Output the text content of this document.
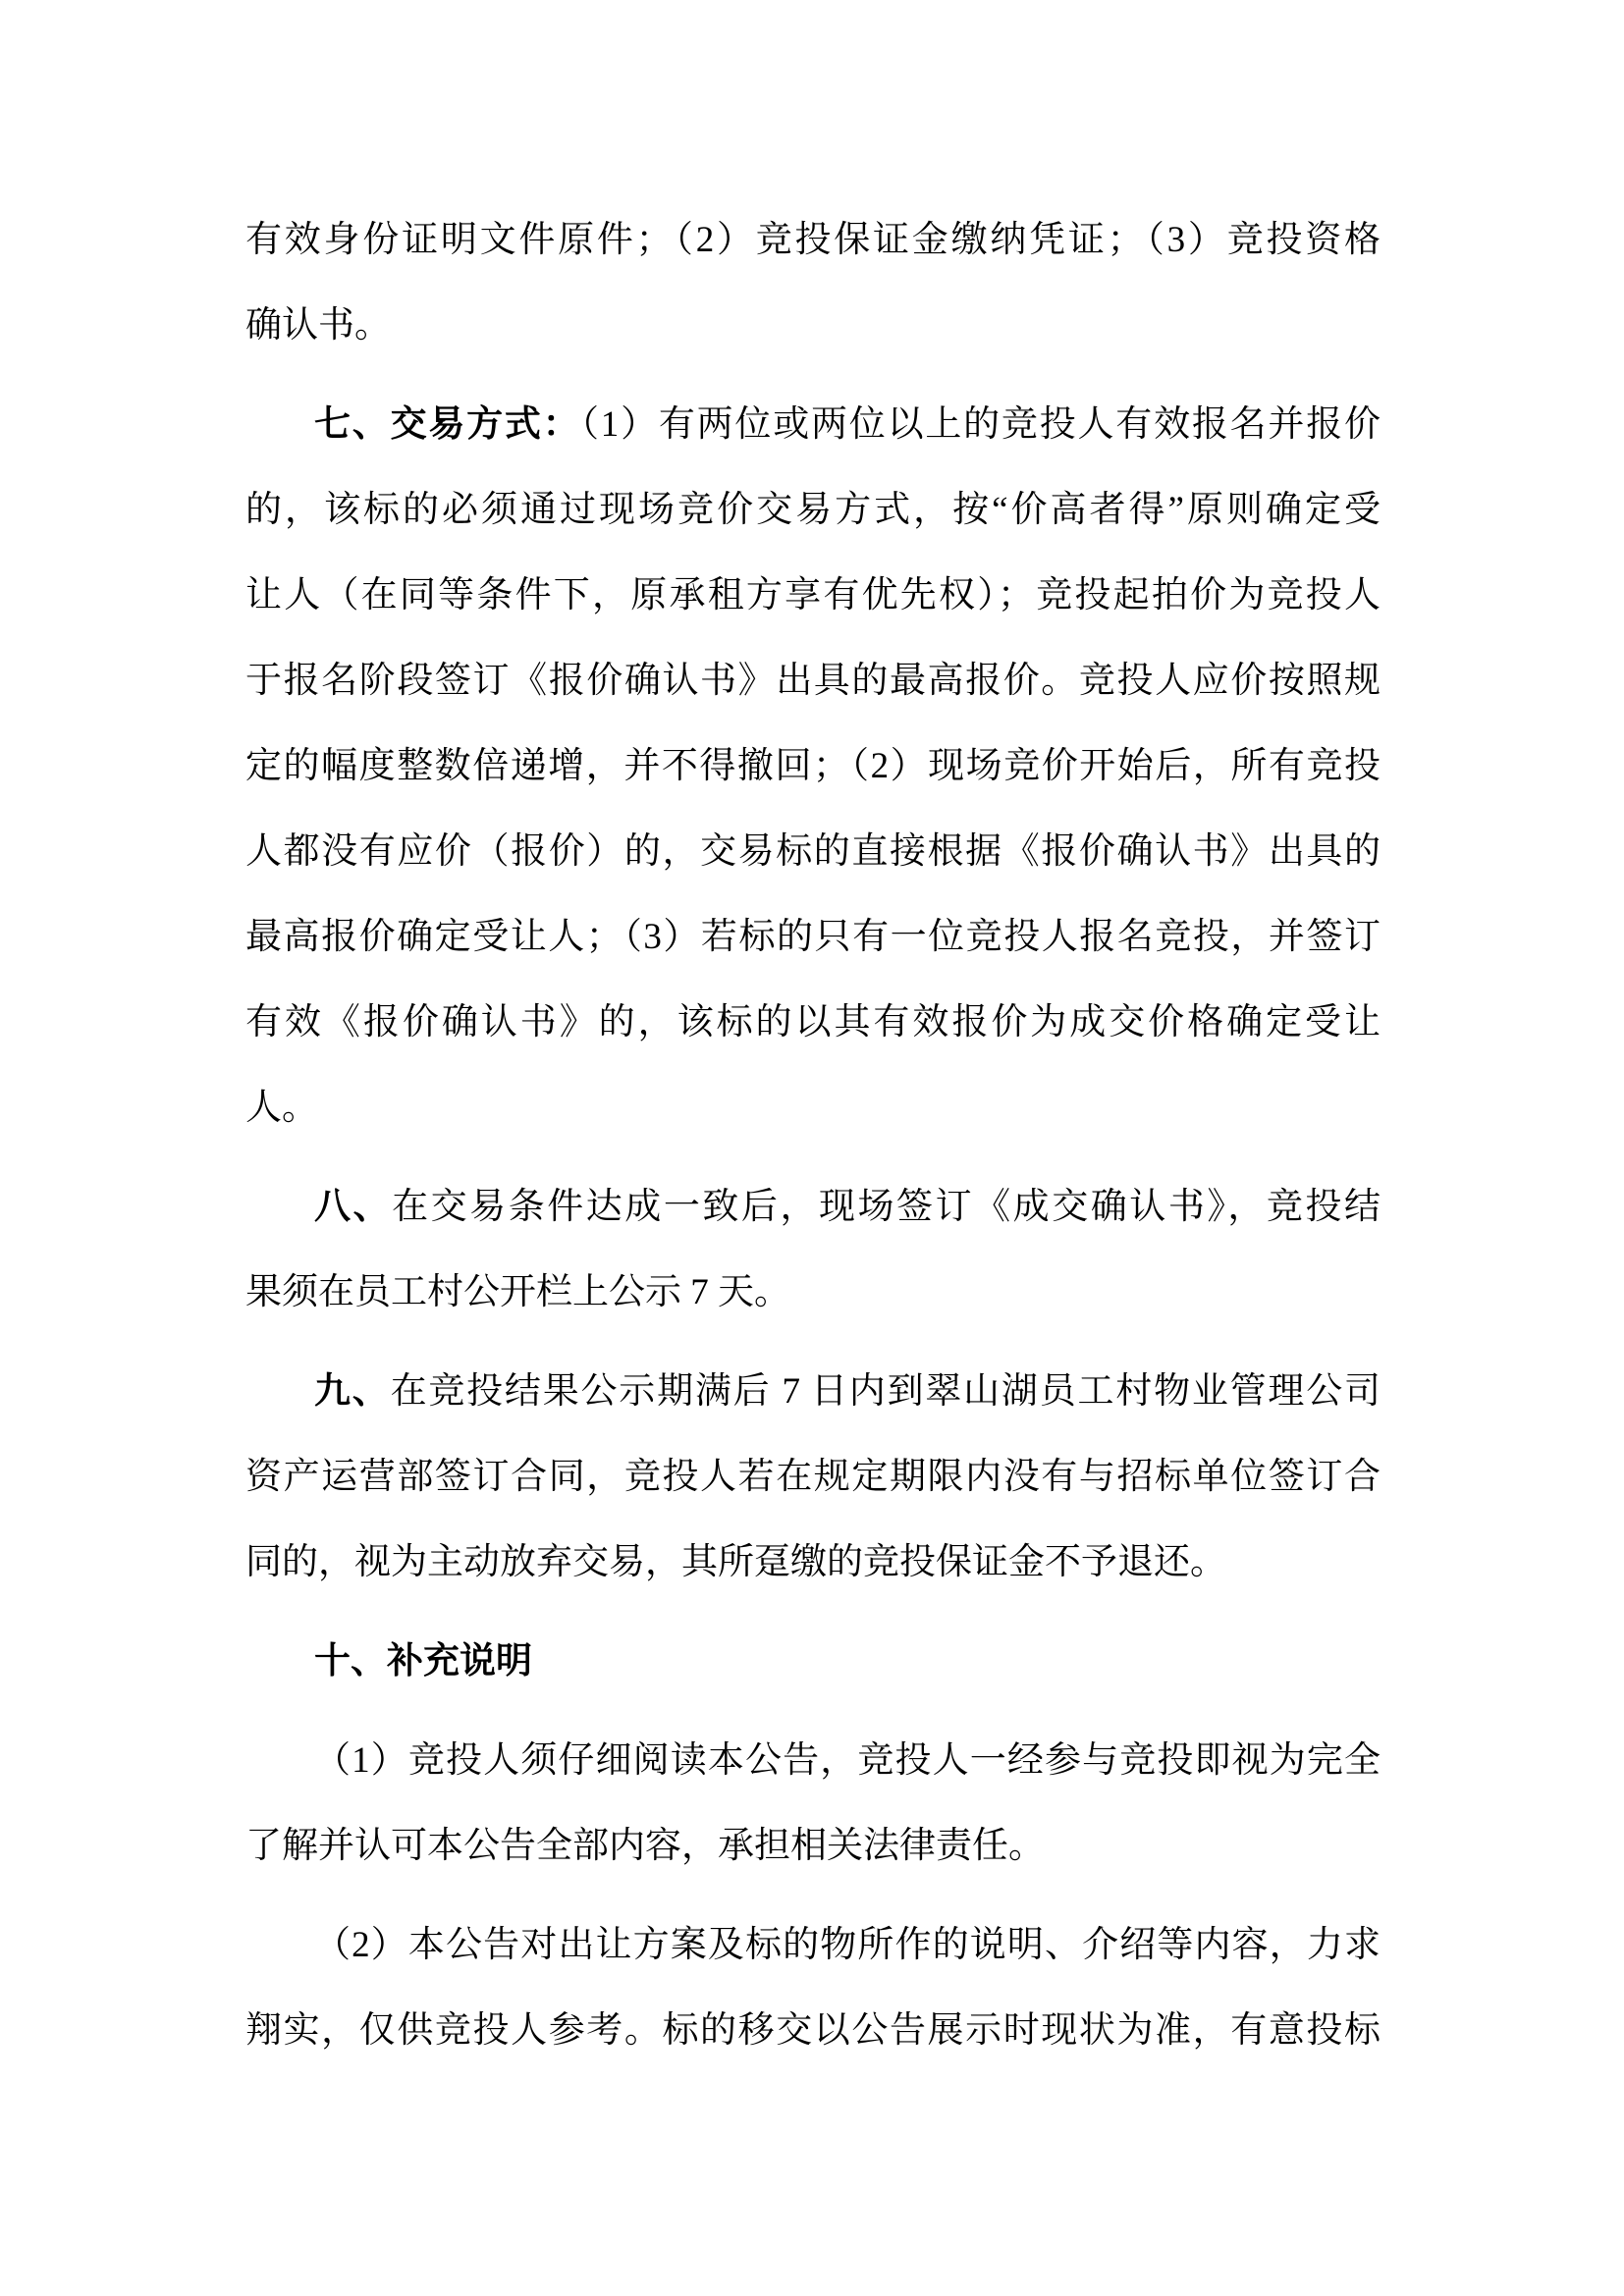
有效身份证明文件原件；（2）竞投保证金缴纳凭证；（3）竞投资格
确认书。
七、交易方式：（1）有两位或两位以上的竞投人有效报名并报价
的，该标的必须通过现场竞价交易方式，按“价高者得”原则确定受
让人（在同等条件下，原承租方享有优先权）；竞投起拍价为竞投人
于报名阶段签订《报价确认书》出具的最高报价。竞投人应价按照规
定的幅度整数倍递增，并不得撤回；（2）现场竞价开始后，所有竞投
人都没有应价（报价）的，交易标的直接根据《报价确认书》出具的
最高报价确定受让人；（3）若标的只有一位竞投人报名竞投，并签订
有效《报价确认书》的，该标的以其有效报价为成交价格确定受让
人。
八、在交易条件达成一致后，现场签订《成交确认书》，竞投结
果须在员工村公开栏上公示 7 天。
九、在竞投结果公示期满后 7 日内到翠山湖员工村物业管理公司
资产运营部签订合同，竞投人若在规定期限内没有与招标单位签订合
同的，视为主动放弃交易，其所趸缴的竞投保证金不予退还。
十、补充说明
（1）竞投人须仔细阅读本公告，竞投人一经参与竞投即视为完全
了解并认可本公告全部内容，承担相关法律责任。
（2）本公告对出让方案及标的物所作的说明、介绍等内容，力求
翔实，仅供竞投人参考。标的移交以公告展示时现状为准，有意投标
